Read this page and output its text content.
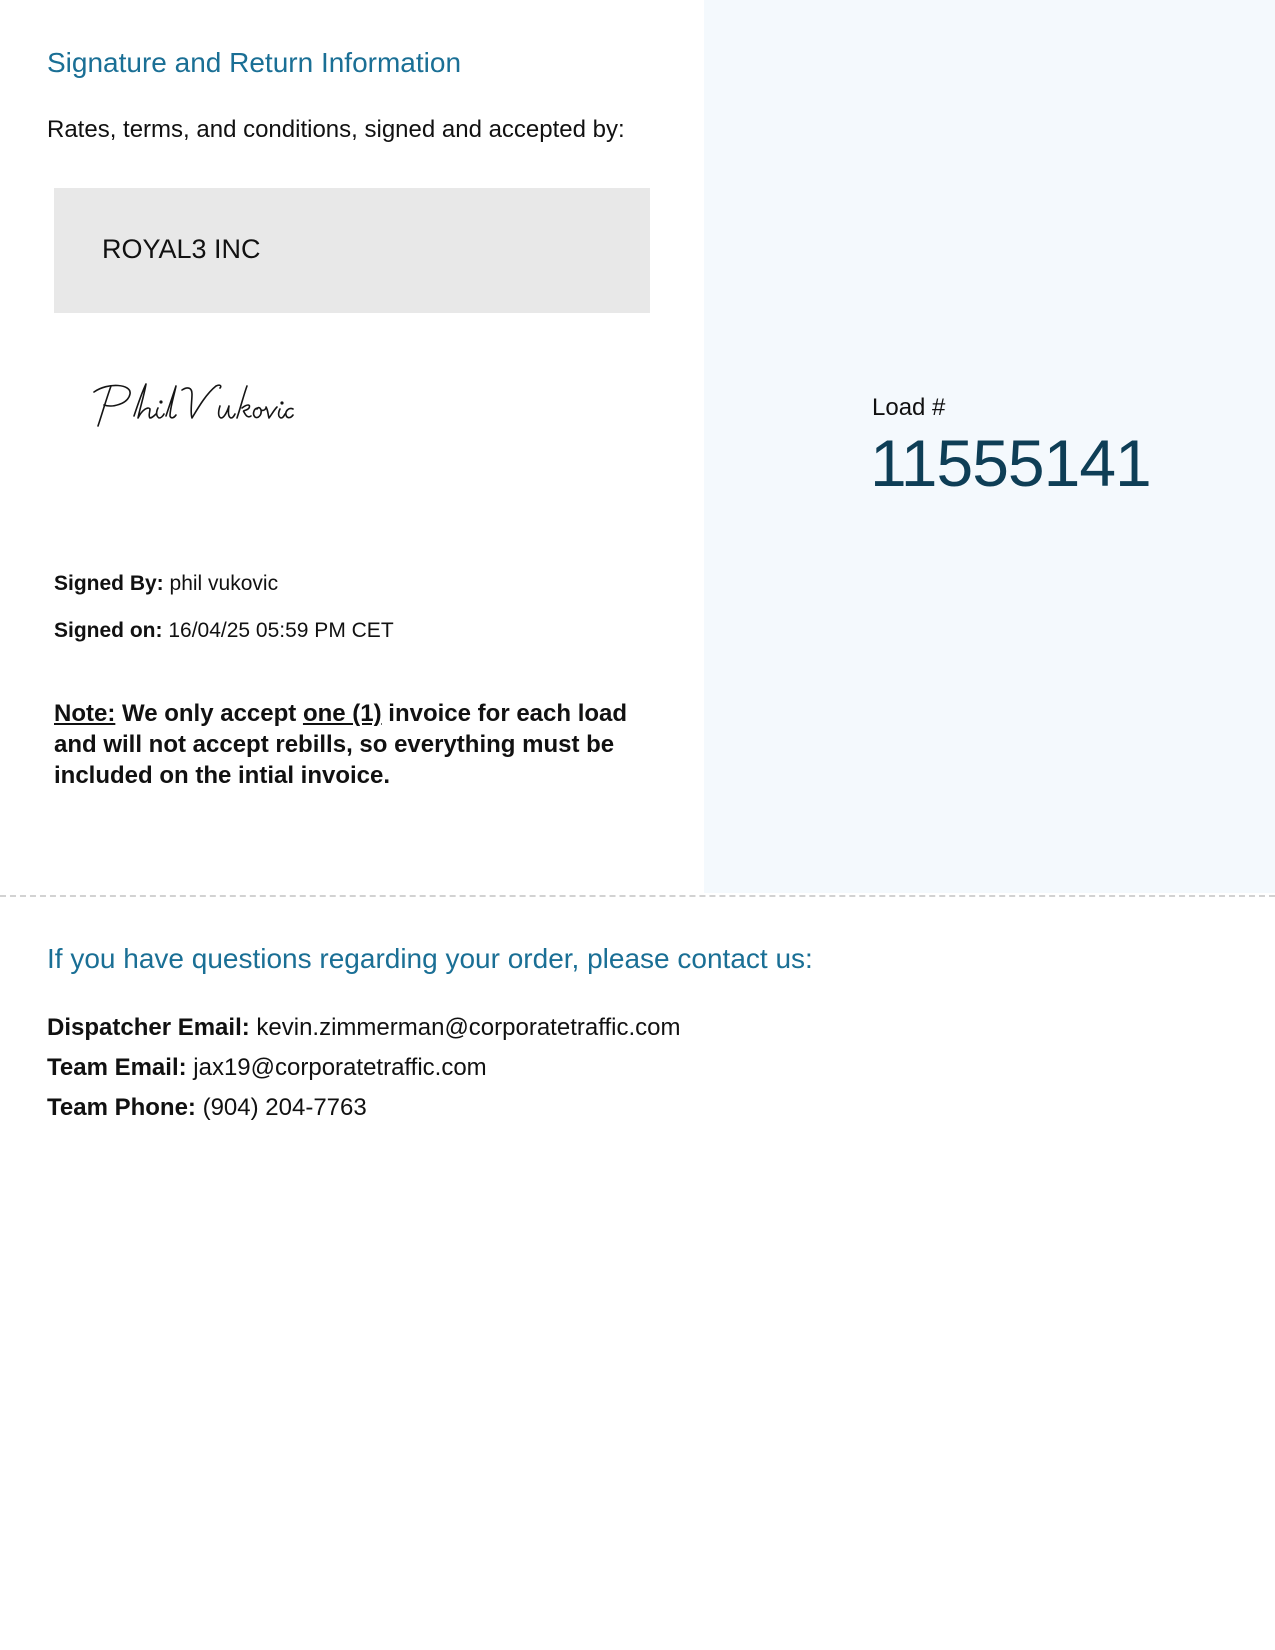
Signature and Return Information
Rates, terms, and conditions, signed and accepted by:
ROYAL3 INC
Signed By: phil vukovic
Signed on: 16/04/25 05:59 PM CET
Note: We only accept one (1) invoice for each load and will not accept rebills, so everything must be included on the intial invoice.
Load #
11555141
If you have questions regarding your order, please contact us:
Dispatcher Email: kevin.zimmerman@corporatetraffic.com
Team Email: jax19@corporatetraffic.com
Team Phone: (904) 204-7763
